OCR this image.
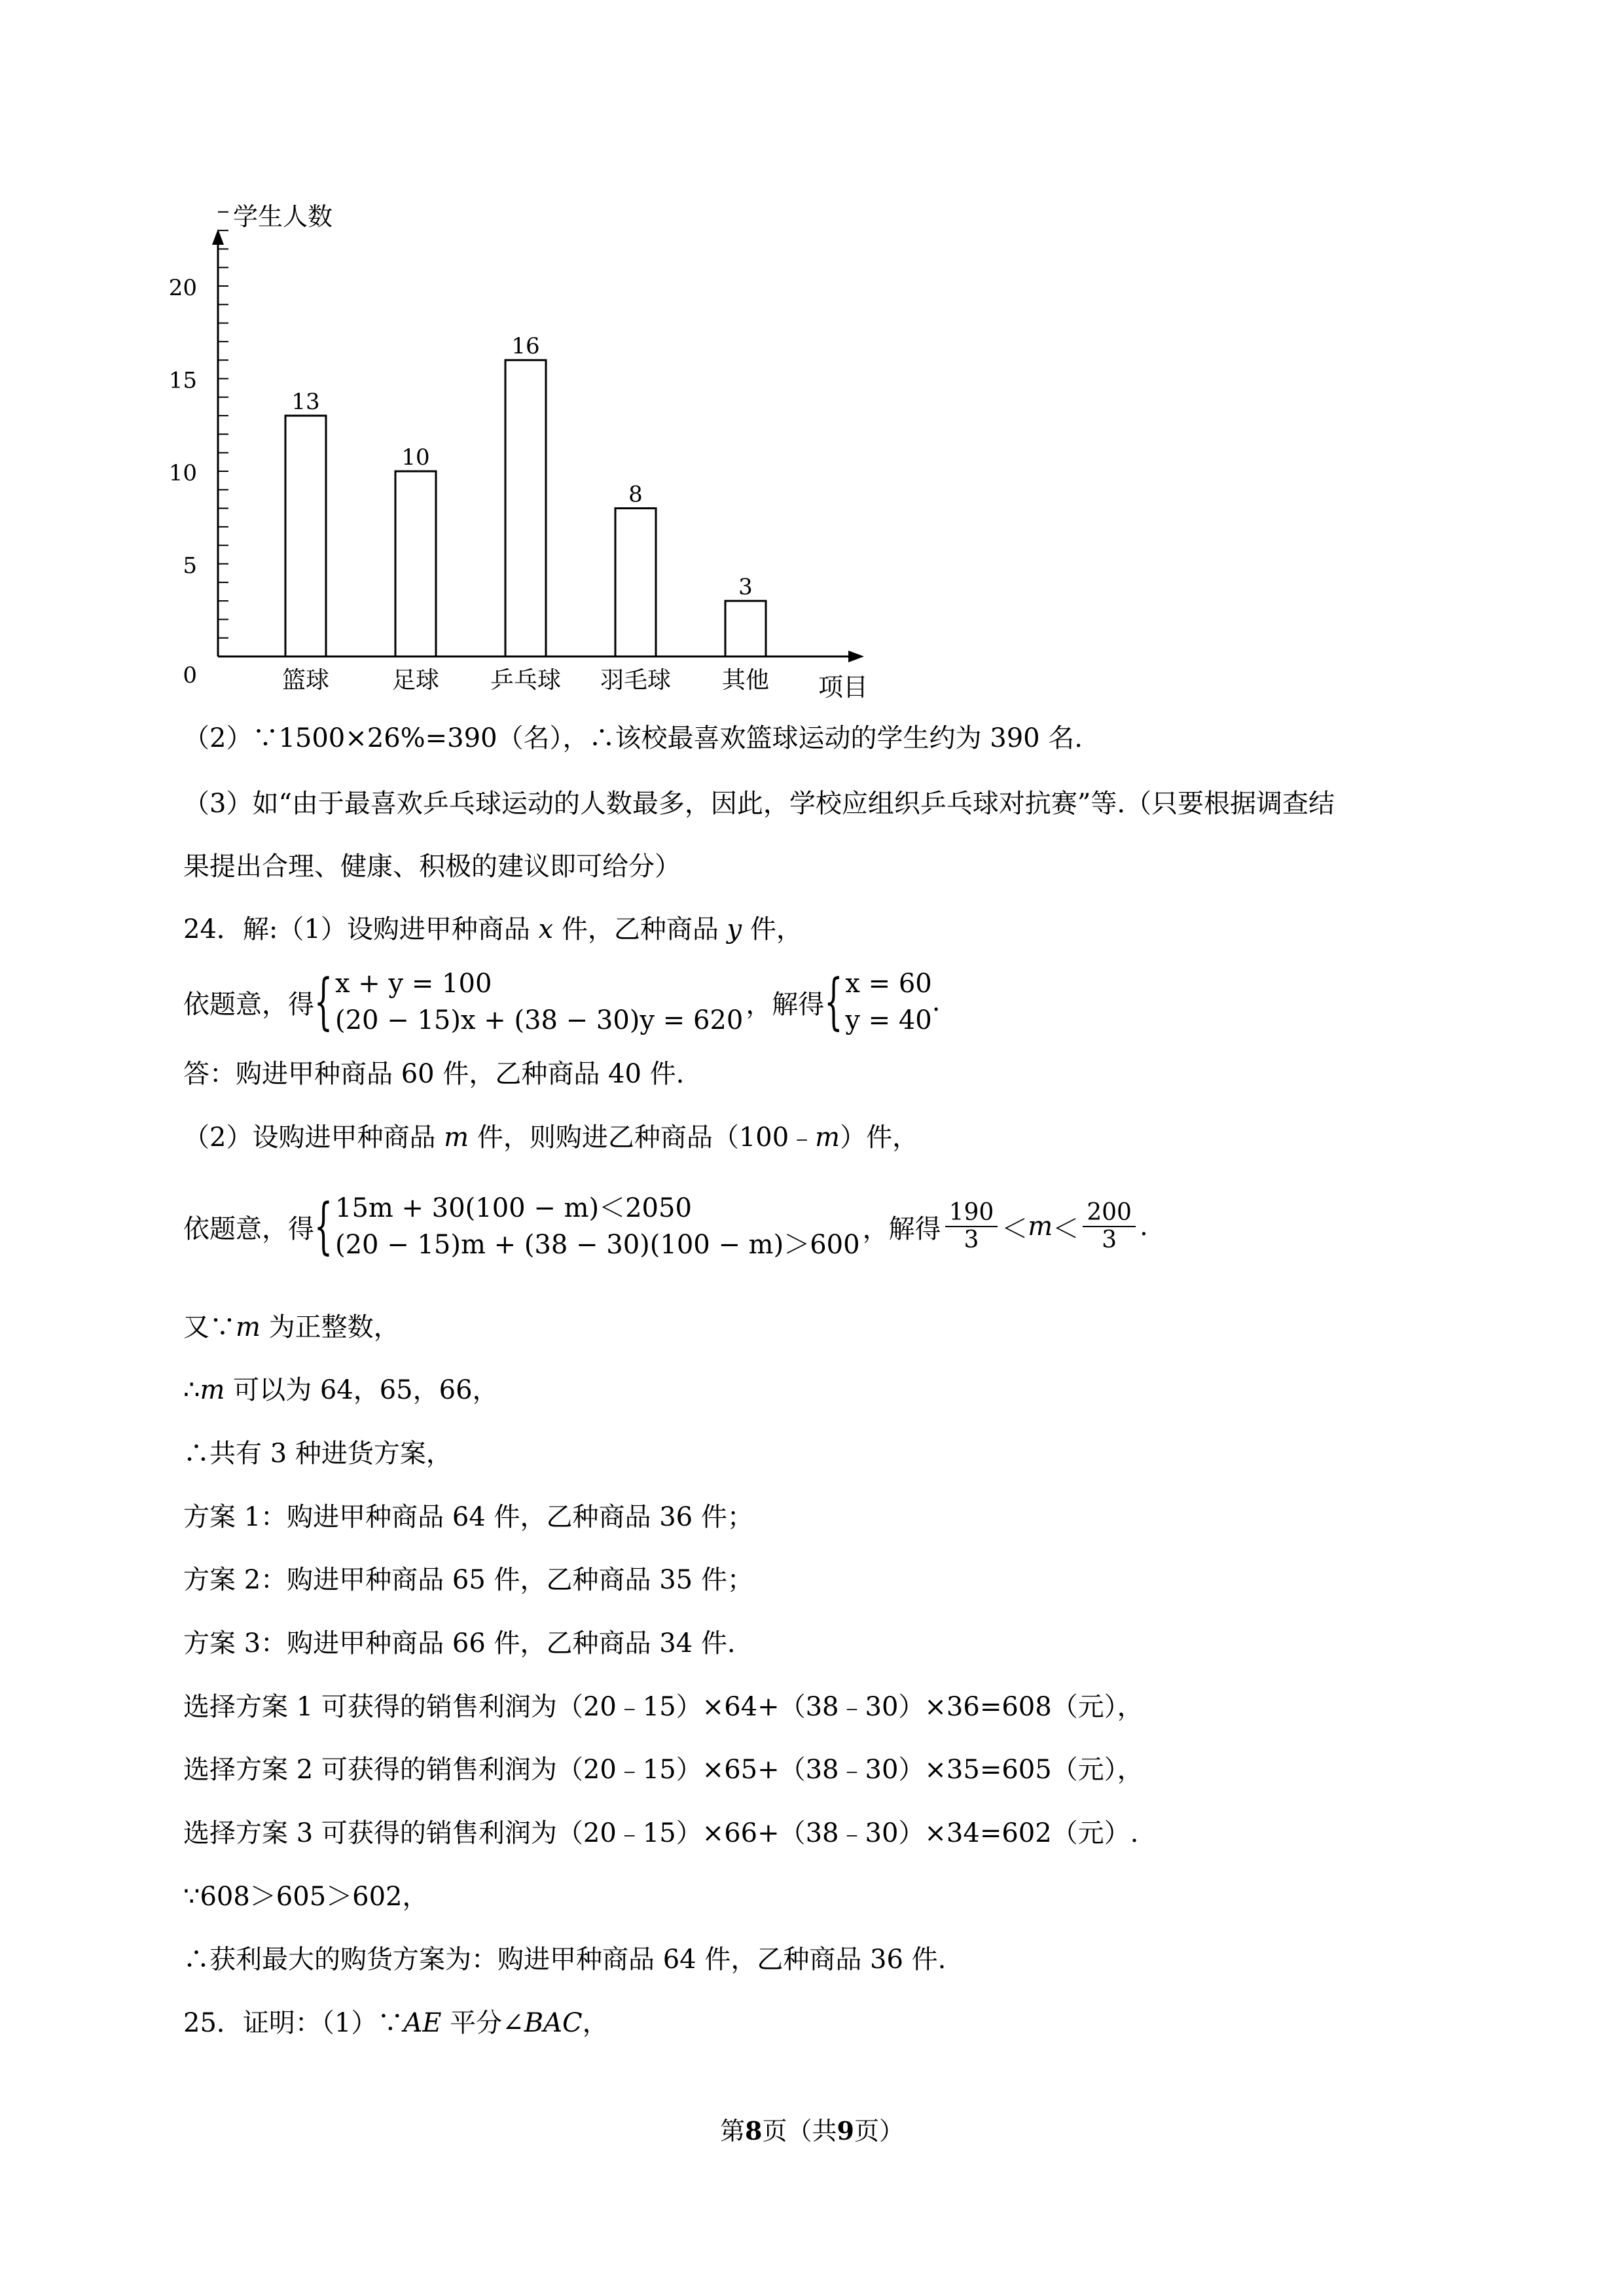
0
5
10
15
20
13
篮球
10
足球
16
乒乓球
8
羽毛球
3
其他
学生人数
项目
（2）∵1500×26%=390（名），∴该校最喜欢篮球运动的学生约为 390 名.
（3）如“由于最喜欢乒乓球运动的人数最多，因此，学校应组织乒乓球对抗赛”等.（只要根据调查结
果提出合理、健康、积极的建议即可给分）
24．解:（1）设购进甲种商品 x 件，乙种商品 y 件，
依题意，得 { x + y = 100
(20 − 15)x + (38 − 30)y = 620
，解得 { x = 60
y = 40
.
答：购进甲种商品 60 件，乙种商品 40 件.
（2）设购进甲种商品 m 件，则购进乙种商品（100﹣m）件，
依题意，得 { 15m + 30(100 − m)＜2050
(20 − 15)m + (38 − 30)(100 − m)＞600
，解得 $\frac{190}{3} < m < \frac{200}{3}$ .
又∵m 为正整数，
∴m 可以为 64，65，66，
∴共有 3 种进货方案，
方案 1：购进甲种商品 64 件，乙种商品 36 件；
方案 2：购进甲种商品 65 件，乙种商品 35 件；
方案 3：购进甲种商品 66 件，乙种商品 34 件.
选择方案 1 可获得的销售利润为（20﹣15）×64+（38﹣30）×36=608（元），
选择方案 2 可获得的销售利润为（20﹣15）×65+（38﹣30）×35=605（元），
选择方案 3 可获得的销售利润为（20﹣15）×66+（38﹣30）×34=602（元）.
∵608＞605＞602，
∴获利最大的购货方案为：购进甲种商品 64 件，乙种商品 36 件.
25．证明：（1）∵AE 平分∠BAC，
第8页（共9页）
